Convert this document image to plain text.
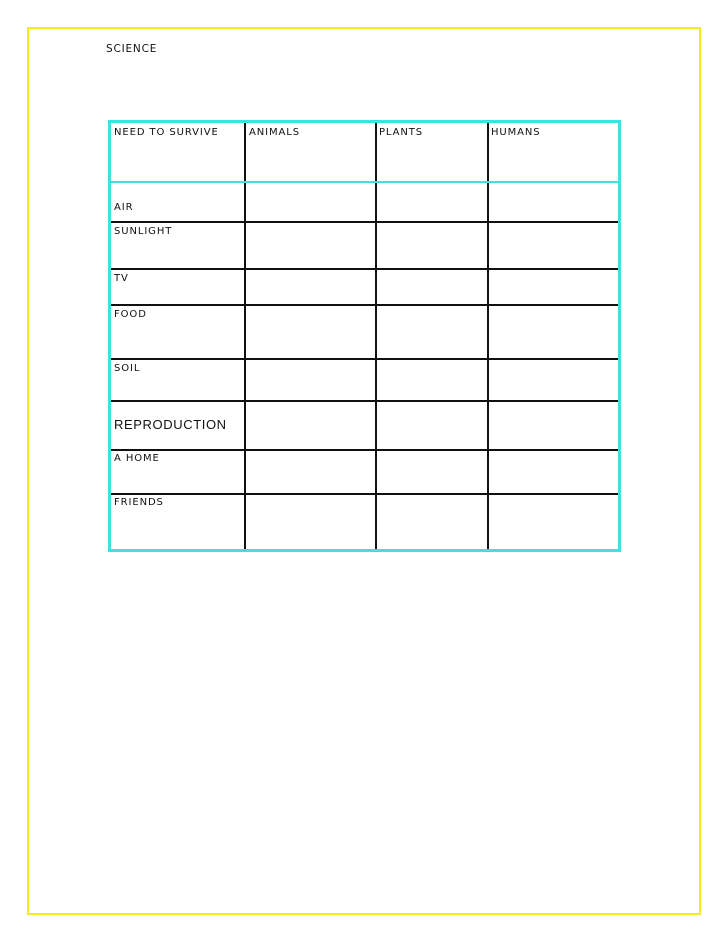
SCIENCE
NEED TO SURVIVE	ANIMALS	PLANTS	HUMANS
AIR
SUNLIGHT
TV
FOOD
SOIL
REPRODUCTION
A HOME
FRIENDS
